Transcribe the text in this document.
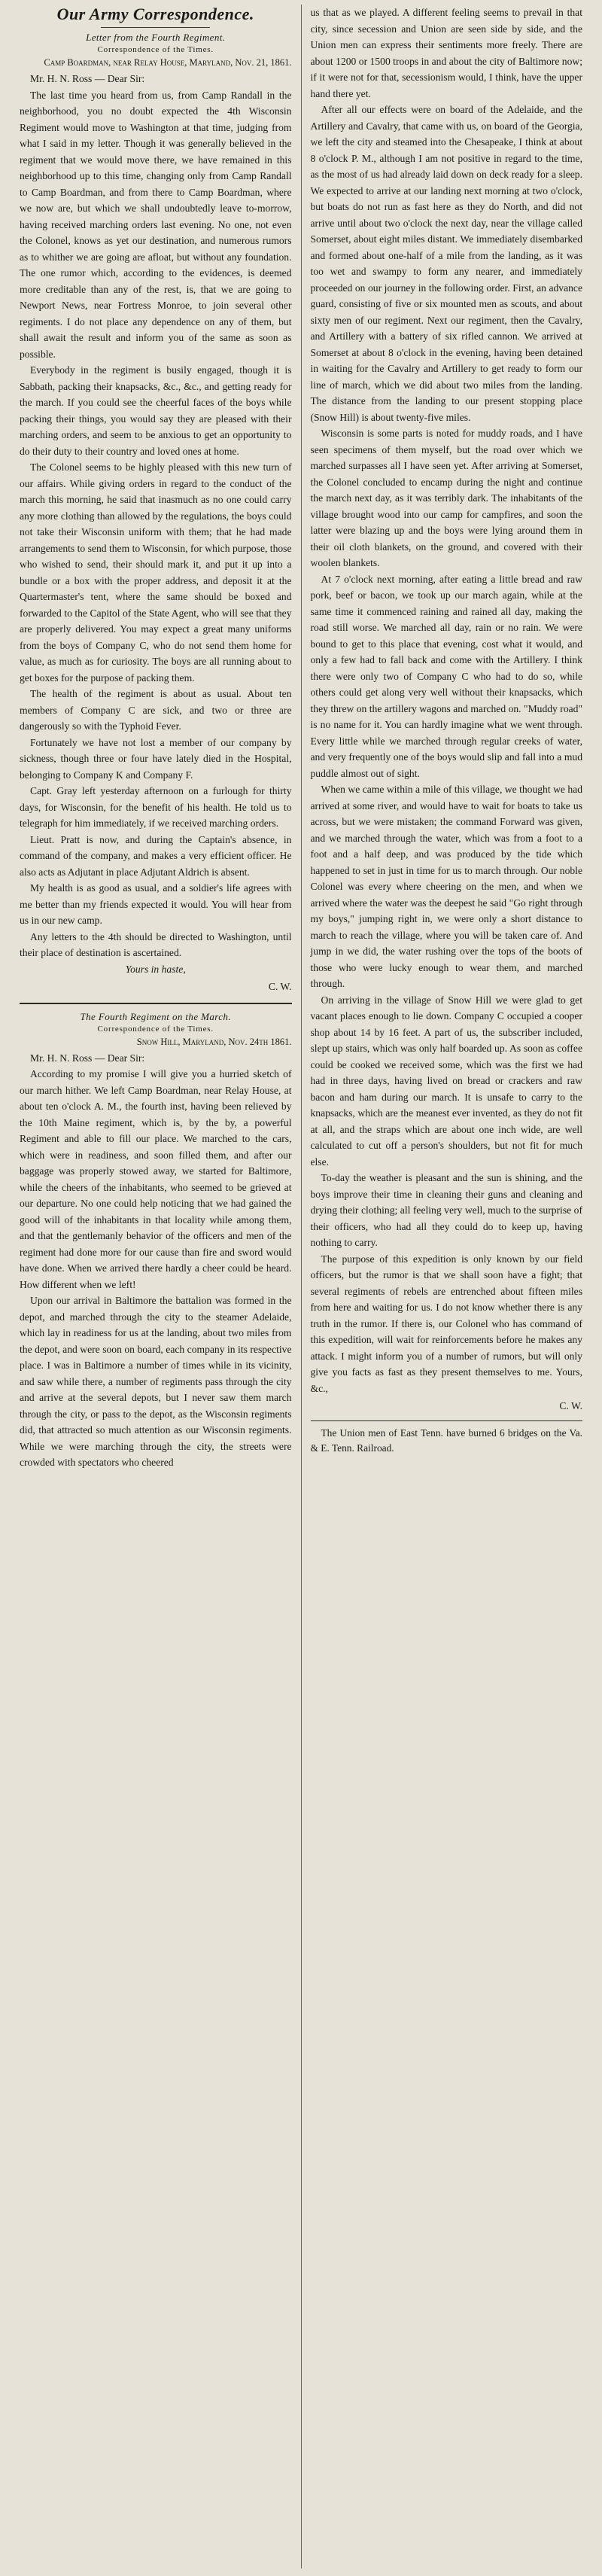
Our Army Correspondence.
Letter from the Fourth Regiment.
Correspondence of the Times.
Camp Boardman, near Relay House, Maryland, Nov. 21, 1861.
Mr. H. N. Ross — Dear Sir:

The last time you heard from us, from Camp Randall in the neighborhood, you no doubt expected the 4th Wisconsin Regiment would move to Washington at that time, judging from what I said in my letter. Though it was generally believed in the regiment that we would move there, we have remained in this neighborhood up to this time, changing only from Camp Randall to Camp Boardman, and from there to Camp Boardman, where we now are, but which we shall undoubtedly leave to-morrow, having received marching orders last evening. No one, not even the Colonel, knows as yet our destination, and numerous rumors as to whither we are going are afloat, but without any foundation. The one rumor which, according to the evidences, is deemed more creditable than any of the rest, is, that we are going to Newport News, near Fortress Monroe, to join several other regiments. I do not place any dependence on any of them, but shall await the result and inform you of the same as soon as possible.

Everybody in the regiment is busily engaged, though it is Sabbath, packing their knapsacks, &c., &c., and getting ready for the march. If you could see the cheerful faces of the boys while packing their things, you would say they are pleased with their marching orders, and seem to be anxious to get an opportunity to do their duty to their country and loved ones at home.

The Colonel seems to be highly pleased with this new turn of our affairs. While giving orders in regard to the conduct of the march this morning, he said that inasmuch as no one could carry any more clothing than allowed by the regulations, the boys could not take their Wisconsin uniform with them; that he had made arrangements to send them to Wisconsin, for which purpose, those who wished to send, their should mark it, and put it up into a bundle or a box with the proper address, and deposit it at the Quartermaster's tent, where the same should be boxed and forwarded to the Capitol of the State Agent, who will see that they are properly delivered. You may expect a great many uniforms from the boys of Company C, who do not send them home for value, as much as for curiosity. The boys are all running about to get boxes for the purpose of packing them.

The health of the regiment is about as usual. About ten members of Company C are sick, and two or three are dangerously so with the Typhoid Fever.

Fortunately we have not lost a member of our company by sickness, though three or four have lately died in the Hospital, belonging to Company K and Company F.

Capt. Gray left yesterday afternoon on a furlough for thirty days, for Wisconsin, for the benefit of his health. He told us to telegraph for him immediately, if we received marching orders.

Lieut. Pratt is now, and during the Captain's absence, in command of the company, and makes a very efficient officer. He also acts as Adjutant in place Adjutant Aldrich is absent.

My health is as good as usual, and a soldier's life agrees with me better than my friends expected it would. You will hear from us in our new camp.

Any letters to the 4th should be directed to Washington, until their place of destination is ascertained.

Yours in haste,
C. W.
The Fourth Regiment on the March.
Correspondence of the Times.
Snow Hill, Maryland, Nov. 24th 1861.
Mr. H. N. Ross — Dear Sir:

According to my promise I will give you a hurried sketch of our march hither. We left Camp Boardman, near Relay House, at about ten o'clock A. M., the fourth inst, having been relieved by the 10th Maine regiment, which is, by the by, a powerful Regiment and able to fill our place. We marched to the cars, which were in readiness, and soon filled them, and after our baggage was properly stowed away, we started for Baltimore, while the cheers of the inhabitants, who seemed to be grieved at our departure. No one could help noticing that we had gained the good will of the inhabitants in that locality while among them, and that the gentlemanly behavior of the officers and men of the regiment had done more for our cause than fire and sword would have done. When we arrived there hardly a cheer could be heard. How different when we left!

Upon our arrival in Baltimore the battalion was formed in the depot, and marched through the city to the steamer Adelaide, which lay in readiness for us at the landing, about two miles from the depot, and were soon on board, each company in its respective place. I was in Baltimore a number of times while in its vicinity, and saw while there, a number of regiments pass through the city and arrive at the several depots, but I never saw them march through the city, or pass to the depot, as the Wisconsin regiments did, that attracted so much attention as our Wisconsin regiments. While we were marching through the city, the streets were crowded with spectators who cheered

us that as we played. A different feeling seems to prevail in that city, since secession and Union are seen side by side, and the Union men can express their sentiments more freely. There are about 1200 or 1500 troops in and about the city of Baltimore now; if it were not for that, secessionism would, I think, have the upper hand there yet.

After all our effects were on board of the Adelaide, and the Artillery and Cavalry, that came with us, on board of the Georgia, we left the city and steamed into the Chesapeake, I think at about 8 o'clock P. M., although I am not positive in regard to the time, as the most of us had already laid down on deck ready for a sleep. We expected to arrive at our landing next morning at two o'clock, but boats do not run as fast here as they do North, and did not arrive until about two o'clock the next day, near the village called Somerset, about eight miles distant. We immediately disembarked and formed about one-half of a mile from the landing, as it was too wet and swampy to form any nearer, and immediately proceeded on our journey in the following order. First, an advance guard, consisting of five or six mounted men as scouts, and about sixty men of our regiment. Next our regiment, then the Cavalry, and Artillery with a battery of six rifled cannon. We arrived at Somerset at about 8 o'clock in the evening, having been detained in waiting for the Cavalry and Artillery to get ready to form our line of march, which we did about two miles from the landing. The distance from the landing to our present stopping place (Snow Hill) is about twenty-five miles.

Wisconsin is some parts is noted for muddy roads, and I have seen specimens of them myself, but the road over which we marched surpasses all I have seen yet. After arriving at Somerset, the Colonel concluded to encamp during the night and continue the march next day, as it was terribly dark. The inhabitants of the village brought wood into our camp for campfires, and soon the latter were blazing up and the boys were lying around them in their oil cloth blankets, on the ground, and covered with their woolen blankets.

At 7 o'clock next morning, after eating a little bread and raw pork, beef or bacon, we took up our march again, while at the same time it commenced raining and rained all day, making the road still worse. We marched all day, rain or no rain. We were bound to get to this place that evening, cost what it would, and only a few had to fall back and come with the Artillery. I think there were only two of Company C who had to do so, while others could get along very well without their knapsacks, which they threw on the artillery wagons and marched on. "Muddy road" is no name for it. You can hardly imagine what we went through. Every little while we marched through regular creeks of water, and very frequently one of the boys would slip and fall into a mud puddle almost out of sight.

When we came within a mile of this village, we thought we had arrived at some river, and would have to wait for boats to take us across, but we were mistaken; the command Forward was given, and we marched through the water, which was from a foot to a foot and a half deep, and was produced by the tide which happened to set in just in time for us to march through. Our noble Colonel was every where cheering on the men, and when we arrived where the water was the deepest he said "Go right through my boys," jumping right in, we were only a short distance to march to reach the village, where you will be taken care of. And jump in we did, the water rushing over the tops of the boots of those who were lucky enough to wear them, and marched through.

On arriving in the village of Snow Hill we were glad to get vacant places enough to lie down. Company C occupied a cooper shop about 14 by 16 feet. A part of us, the subscriber included, slept up stairs, which was only half boarded up. As soon as coffee could be cooked we received some, which was the first we had had in three days, having lived on bread or crackers and raw bacon and ham during our march. It is unsafe to carry to the knapsacks, which are the meanest ever invented, as they do not fit at all, and the straps which are about one inch wide, are well calculated to cut off a person's shoulders, but not fit for much else.

To-day the weather is pleasant and the sun is shining, and the boys improve their time in cleaning their guns and cleaning and drying their clothing; all feeling very well, much to the surprise of their officers, who had all they could do to keep up, having nothing to carry.

The purpose of this expedition is only known by our field officers, but the rumor is that we shall soon have a fight; that several regiments of rebels are entrenched about fifteen miles from here and waiting for us. I do not know whether there is any truth in the rumor. If there is, our Colonel who has command of this expedition, will wait for reinforcements before he makes any attack. I might inform you of a number of rumors, but will only give you facts as fast as they present themselves to me. Yours, &c.,

C. W.

The Union men of East Tenn. have burned 6 bridges on the Va. & E. Tenn. Railroad.
